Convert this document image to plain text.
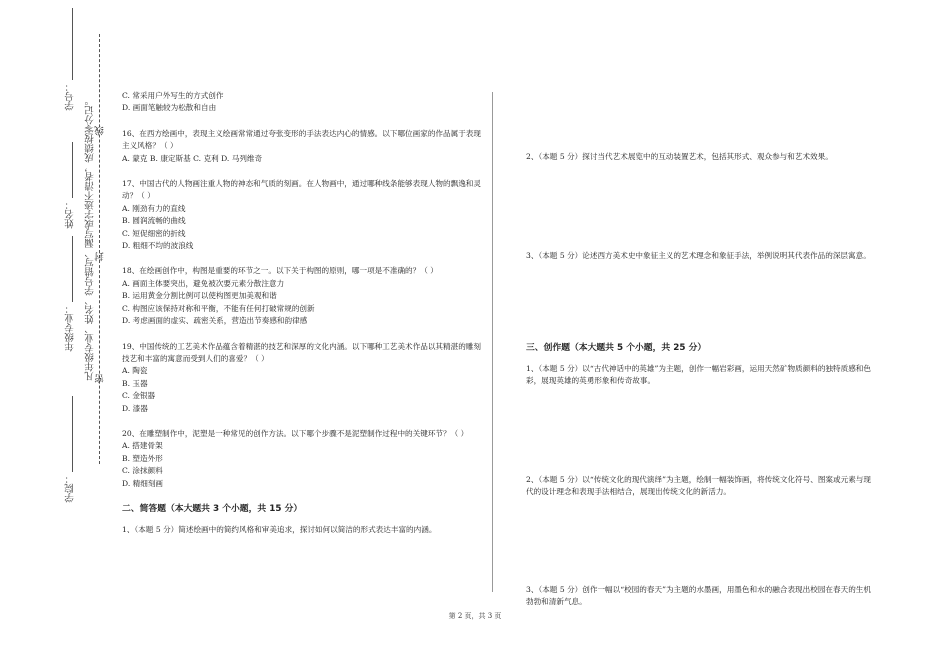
学号：
姓名：
年级专业：
学院：
凡年级专业、姓名、学号错写、漏写或字迹不清者，成绩按零分记。 密
封
线

C. 常采用户外写生的方式创作

D. 画面笔触较为松散和自由

16、在西方绘画中，表现主义绘画常常通过夸张变形的手法表达内心的情感。以下哪位画家的作品属于表现主义风格？（ ）

A. 蒙克 B. 康定斯基 C. 克利 D. 马列维奇

17、中国古代的人物画注重人物的神态和气质的刻画。在人物画中，通过哪种线条能够表现人物的飘逸和灵动？（ ）

A. 刚劲有力的直线

B. 圆润流畅的曲线

C. 短促细密的折线

D. 粗细不均的波浪线

18、在绘画创作中，构图是重要的环节之一。以下关于构图的原则，哪一项是不准确的？（ ）

A. 画面主体要突出，避免被次要元素分散注意力

B. 运用黄金分割比例可以使构图更加美观和谐

C. 构图应该保持对称和平衡，不能有任何打破常规的创新

D. 考虑画面的虚实、疏密关系，营造出节奏感和韵律感

19、中国传统的工艺美术作品蕴含着精湛的技艺和深厚的文化内涵。以下哪种工艺美术作品以其精湛的雕刻技艺和丰富的寓意而受到人们的喜爱？（ ）

A. 陶瓷

B. 玉器

C. 金银器

D. 漆器

20、在雕塑制作中，泥塑是一种常见的创作方法。以下哪个步骤不是泥塑制作过程中的关键环节？（ ）

A. 搭建骨架

B. 塑造外形

C. 涂抹颜料

D. 精细刻画

二、简答题（本大题共 3 个小题，共 15 分）

1、（本题 5 分）简述绘画中的简约风格和审美追求，探讨如何以简洁的形式表达丰富的内涵。

2、（本题 5 分）探讨当代艺术展览中的互动装置艺术，包括其形式、观众参与和艺术效果。

3、（本题 5 分）论述西方美术史中象征主义的艺术理念和象征手法，举例说明其代表作品的深层寓意。

三、创作题（本大题共 5 个小题，共 25 分）

1、（本题 5 分）以“古代神话中的英雄”为主题，创作一幅岩彩画，运用天然矿物质颜料的独特质感和色彩，展现英雄的英勇形象和传奇故事。

2、（本题 5 分）以“传统文化的现代演绎”为主题，绘制一幅装饰画，将传统文化符号、图案或元素与现代的设计理念和表现手法相结合，展现出传统文化的新活力。

3、（本题 5 分）创作一幅以“校园的春天”为主题的水墨画，用墨色和水的融合表现出校园在春天的生机勃勃和清新气息。

第 2 页，共 3 页
